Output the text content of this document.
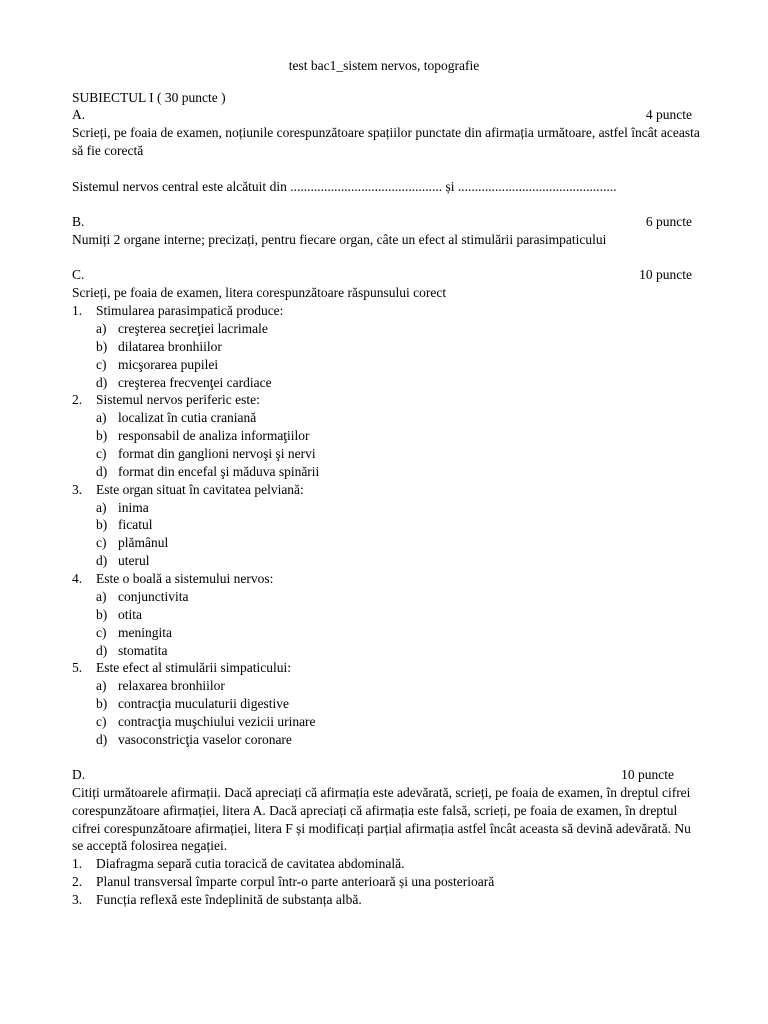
test bac1_sistem nervos, topografie
SUBIECTUL I ( 30 puncte )
A.	4 puncte
Scrieți, pe foaia de examen, noțiunile corespunzătoare spațiilor punctate din afirmația următoare, astfel încât aceasta să fie corectă
Sistemul nervos central este alcătuit din ............................................. și ...............................................
B.	6 puncte
Numiți 2 organe interne; precizați, pentru fiecare organ, câte un efect al stimulării parasimpaticului
C.	10 puncte
Scrieți, pe foaia de examen, litera corespunzătoare răspunsului corect
1. Stimularea parasimpatică produce:
a) creşterea secreţiei lacrimale
b) dilatarea bronhiilor
c) micşorarea pupilei
d) creşterea frecvenţei cardiace
2. Sistemul nervos periferic este:
a) localizat în cutia craniană
b) responsabil de analiza informaţiilor
c) format din ganglioni nervoşi şi nervi
d) format din encefal şi măduva spinării
3. Este organ situat în cavitatea pelviană:
a) inima
b) ficatul
c) plămânul
d) uterul
4. Este o boală a sistemului nervos:
a) conjunctivita
b) otita
c) meningita
d) stomatita
5. Este efect al stimulării simpaticului:
a) relaxarea bronhiilor
b) contracţia muculaturii digestive
c) contracţia muşchiului vezicii urinare
d) vasoconstricţia vaselor coronare
D.	10 puncte
Citiți următoarele afirmații. Dacă apreciați că afirmația este adevărată, scrieți, pe foaia de examen, în dreptul cifrei corespunzătoare afirmației, litera A. Dacă apreciați că afirmația este falsă, scrieți, pe foaia de examen, în dreptul cifrei corespunzătoare afirmației, litera F și modificați parțial afirmația astfel încât aceasta să devină adevărată. Nu se acceptă folosirea negației.
1. Diafragma separă cutia toracică de cavitatea abdominală.
2. Planul transversal împarte corpul într-o parte anterioară și una posterioară
3. Funcția reflexă este îndeplinită de substanța albă.
